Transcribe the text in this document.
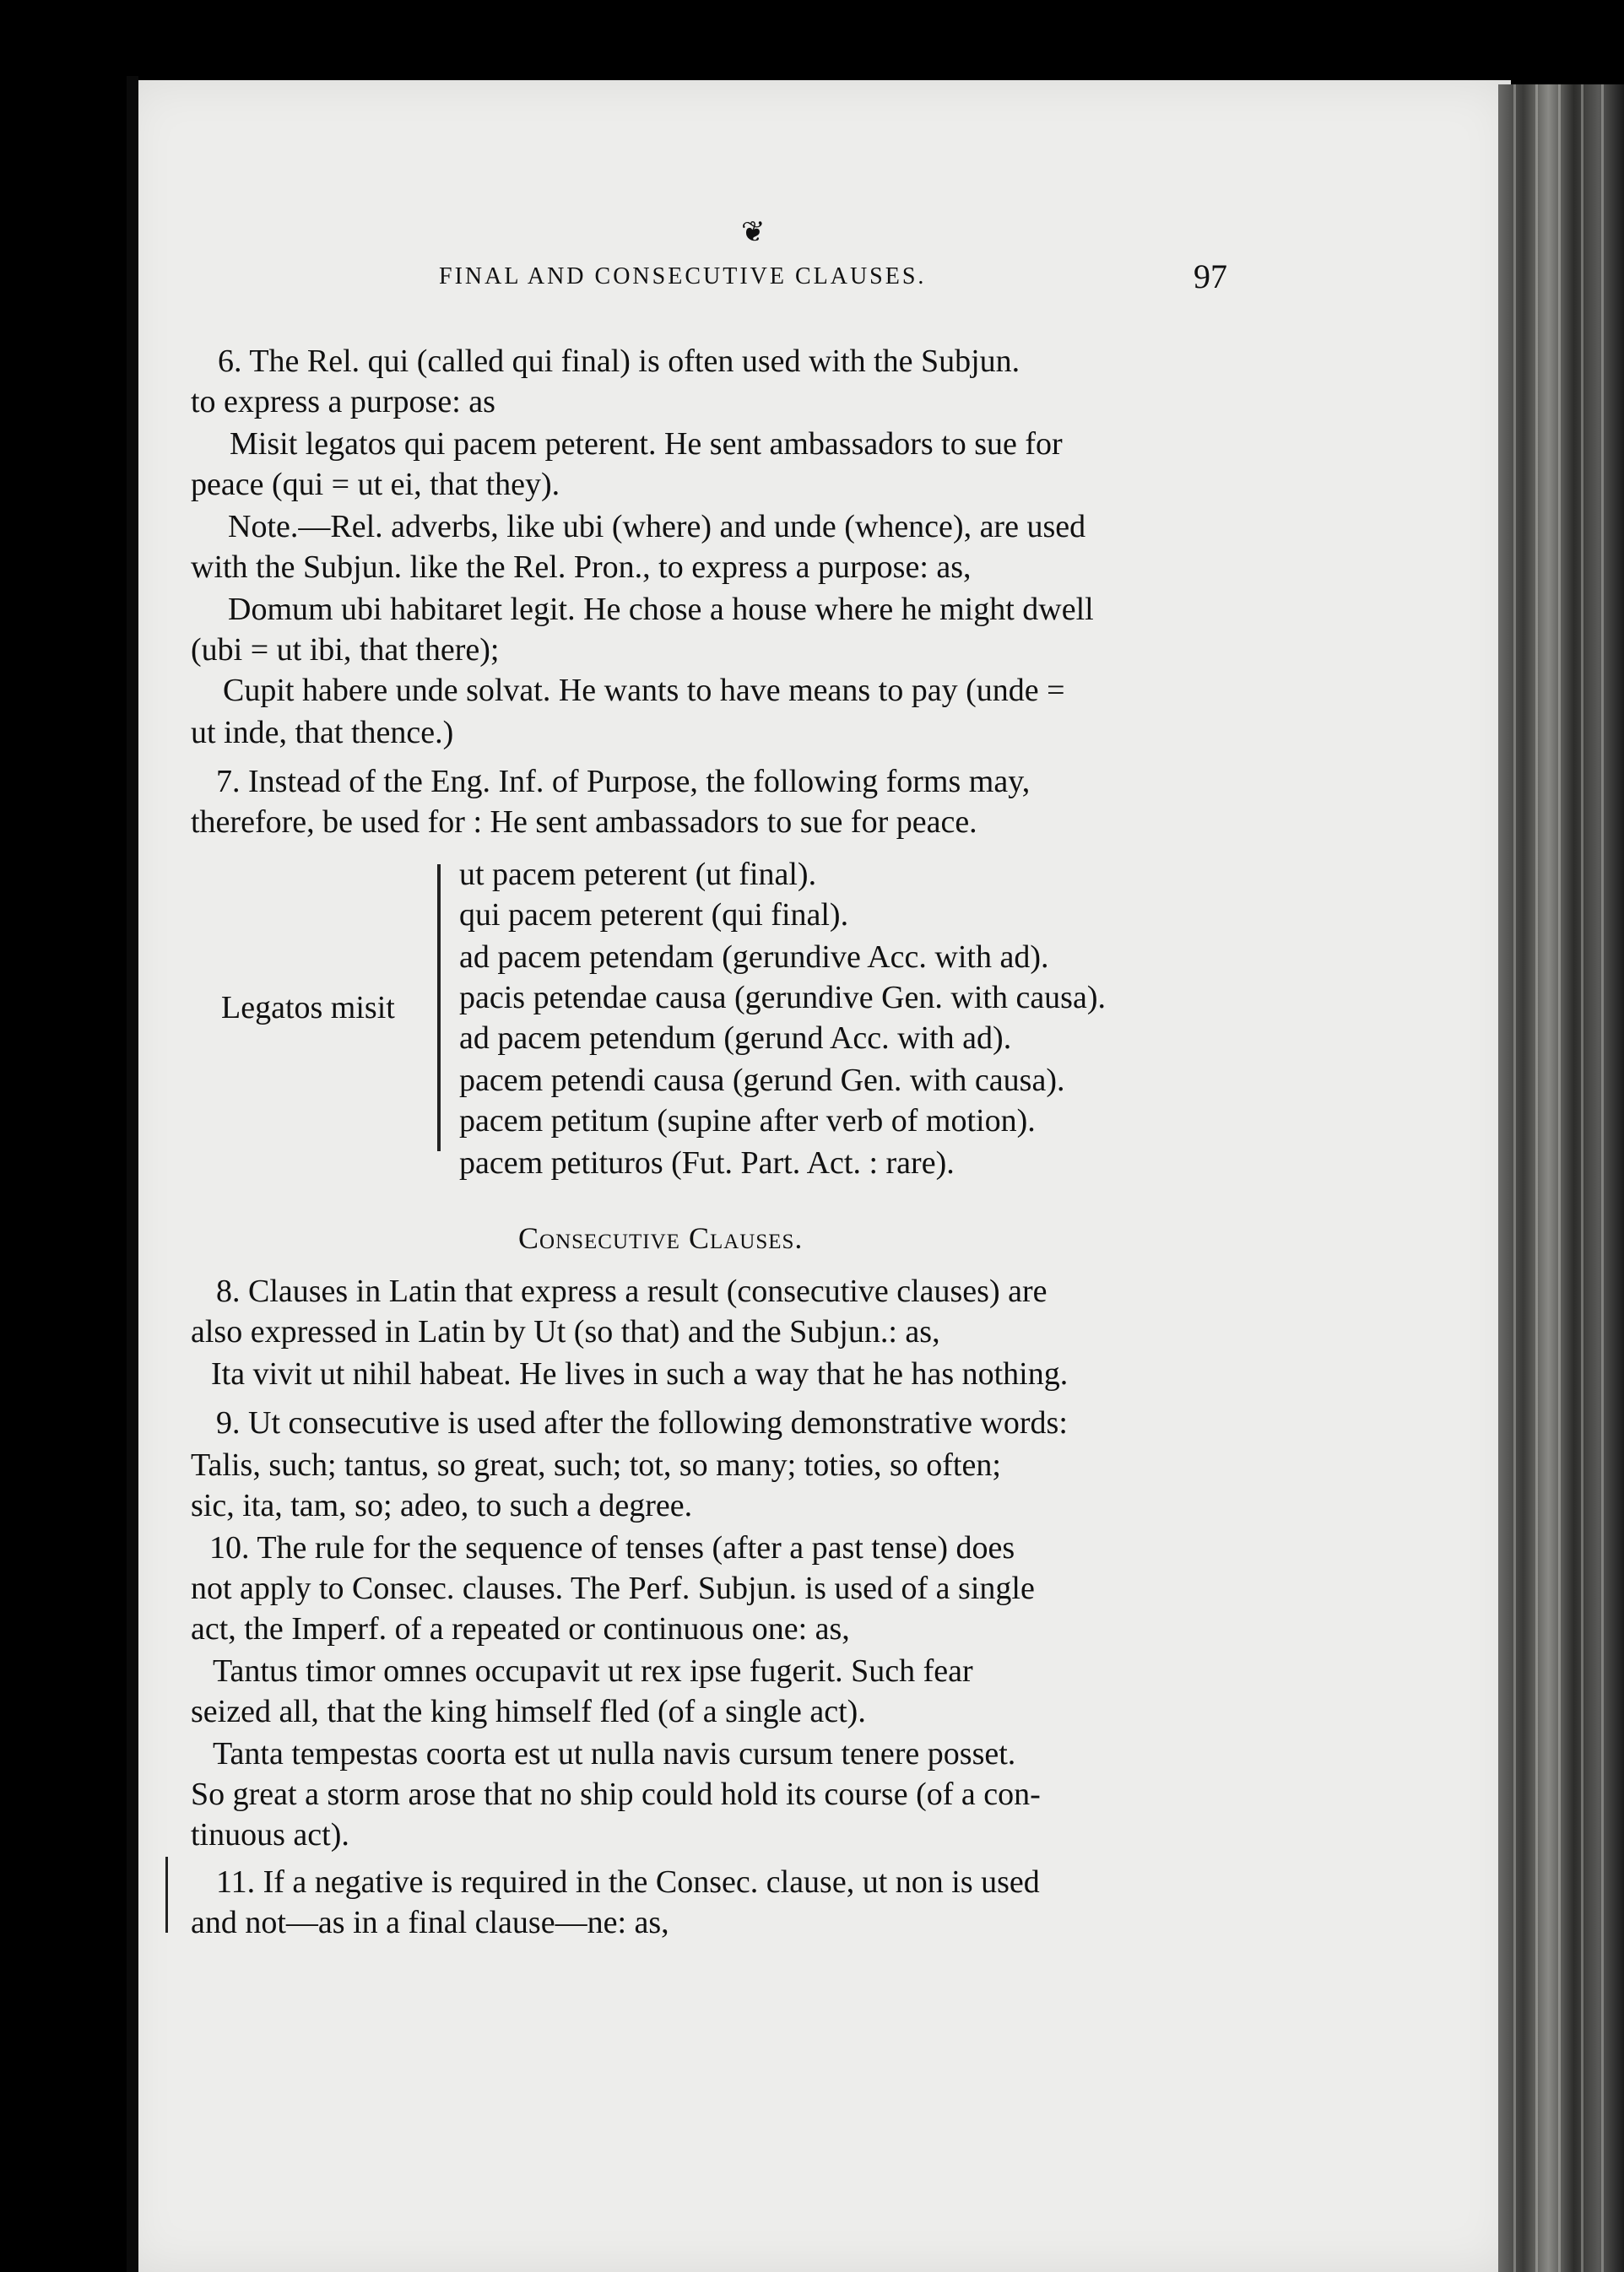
❦
FINAL AND CONSECUTIVE CLAUSES.	97
6. The Rel. qui (called qui final) is often used with the Subjun.
to express a purpose: as
Misit legatos qui pacem peterent. He sent ambassadors to sue for
peace (qui = ut ei, that they).
Note.—Rel. adverbs, like ubi (where) and unde (whence), are used
with the Subjun. like the Rel. Pron., to express a purpose: as,
Domum ubi habitaret legit. He chose a house where he might dwell
(ubi = ut ibi, that there);
Cupit habere unde solvat. He wants to have means to pay (unde =
ut inde, that thence.)
7. Instead of the Eng. Inf. of Purpose, the following forms may,
therefore, be used for : He sent ambassadors to sue for peace.
Legatos misit
ut pacem peterent (ut final).
qui pacem peterent (qui final).
ad pacem petendam (gerundive Acc. with ad).
pacis petendae causa (gerundive Gen. with causa).
ad pacem petendum (gerund Acc. with ad).
pacem petendi causa (gerund Gen. with causa).
pacem petitum (supine after verb of motion).
pacem petituros (Fut. Part. Act. : rare).
Consecutive Clauses.
8. Clauses in Latin that express a result (consecutive clauses) are
also expressed in Latin by Ut (so that) and the Subjun.: as,
Ita vivit ut nihil habeat. He lives in such a way that he has nothing.
9. Ut consecutive is used after the following demonstrative words:
Talis, such; tantus, so great, such; tot, so many; toties, so often;
sic, ita, tam, so; adeo, to such a degree.
10. The rule for the sequence of tenses (after a past tense) does
not apply to Consec. clauses. The Perf. Subjun. is used of a single
act, the Imperf. of a repeated or continuous one: as,
Tantus timor omnes occupavit ut rex ipse fugerit. Such fear
seized all, that the king himself fled (of a single act).
Tanta tempestas coorta est ut nulla navis cursum tenere posset.
So great a storm arose that no ship could hold its course (of a con-
tinuous act).
11. If a negative is required in the Consec. clause, ut non is used
and not—as in a final clause—ne: as,
